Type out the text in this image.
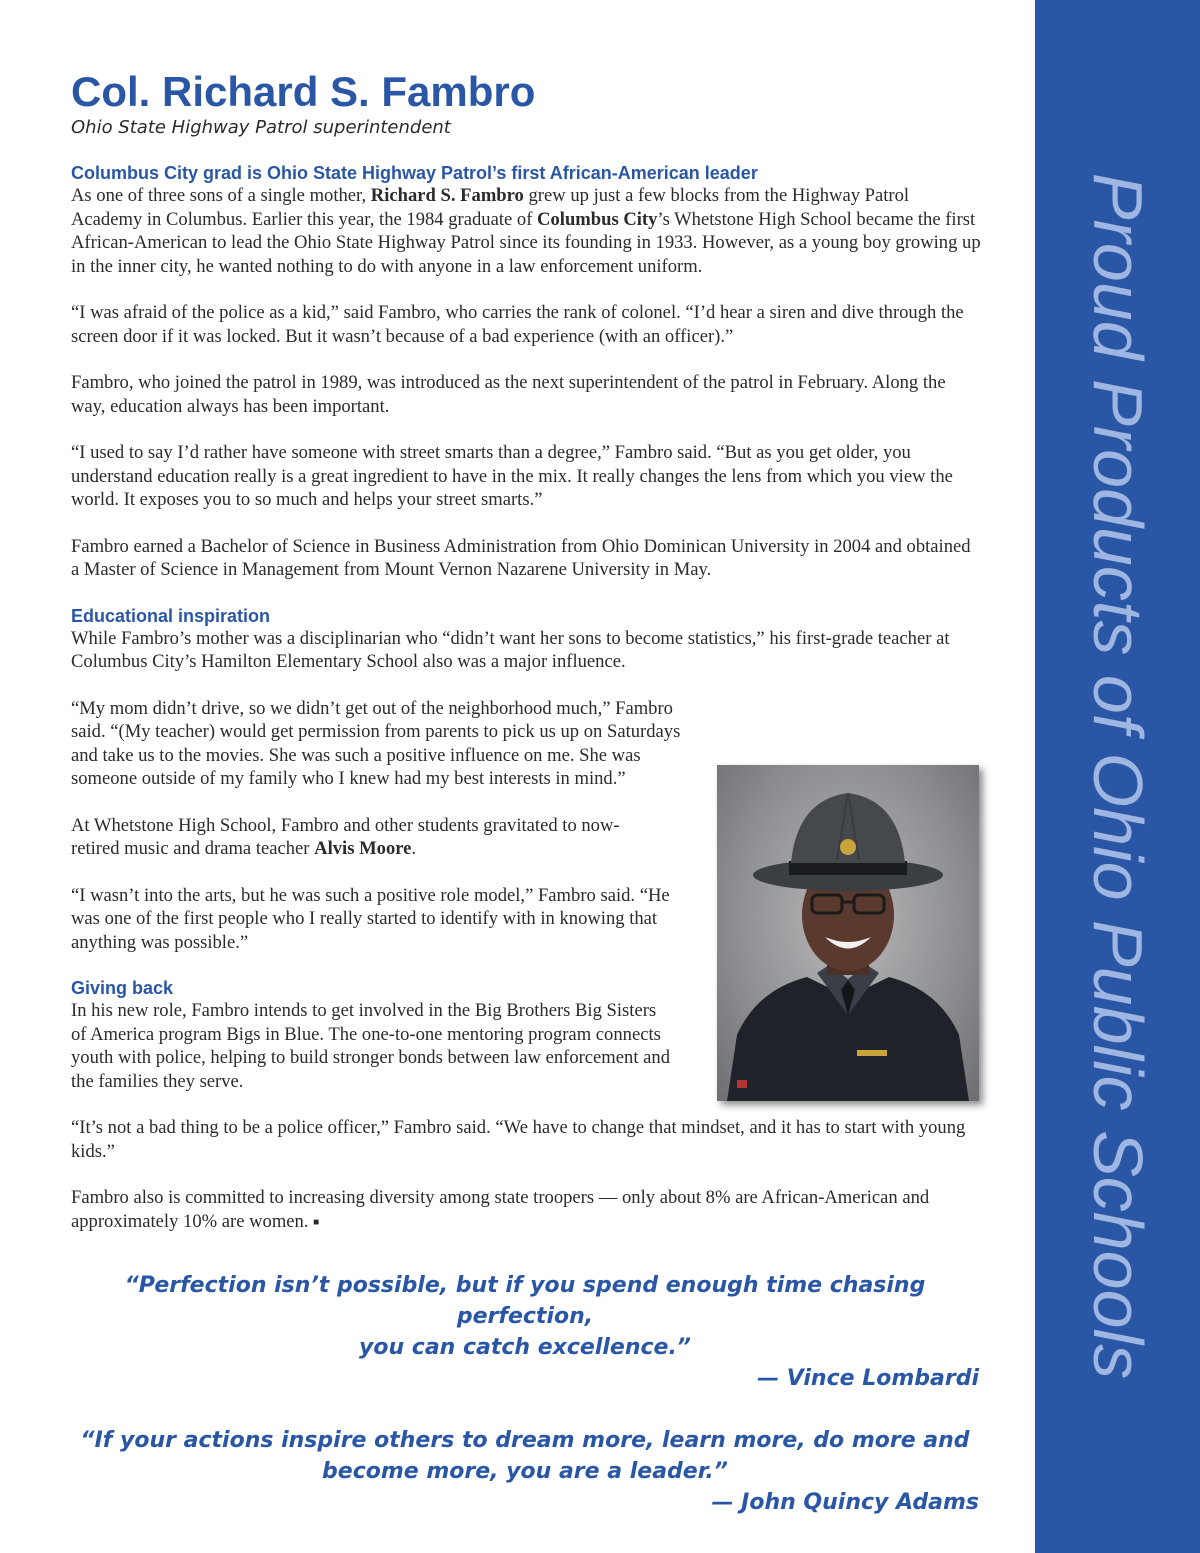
Proud Products of Ohio Public Schools
Col. Richard S. Fambro
Ohio State Highway Patrol superintendent
Columbus City grad is Ohio State Highway Patrol’s first African-American leader

As one of three sons of a single mother, Richard S. Fambro grew up just a few blocks from the Highway Patrol Academy in Columbus. Earlier this year, the 1984 graduate of Columbus City’s Whetstone High School became the first African-American to lead the Ohio State Highway Patrol since its founding in 1933. However, as a young boy growing up in the inner city, he wanted nothing to do with anyone in a law enforcement uniform.

“I was afraid of the police as a kid,” said Fambro, who carries the rank of colonel. “I’d hear a siren and dive through the screen door if it was locked. But it wasn’t because of a bad experience (with an officer).”

Fambro, who joined the patrol in 1989, was introduced as the next superintendent of the patrol in February. Along the way, education always has been important.

“I used to say I’d rather have someone with street smarts than a degree,” Fambro said. “But as you get older, you understand education really is a great ingredient to have in the mix. It really changes the lens from which you view the world. It exposes you to so much and helps your street smarts.”

Fambro earned a Bachelor of Science in Business Administration from Ohio Dominican University in 2004 and obtained a Master of Science in Management from Mount Vernon Nazarene University in May.

Educational inspiration

While Fambro’s mother was a disciplinarian who “didn’t want her sons to become statistics,” his first-grade teacher at Columbus City’s Hamilton Elementary School also was a major influence.

“My mom didn’t drive, so we didn’t get out of the neighborhood much,” Fambro said. “(My teacher) would get permission from parents to pick us up on Saturdays and take us to the movies. She was such a positive influence on me. She was someone outside of my family who I knew had my best interests in mind.”

At Whetstone High School, Fambro and other students gravitated to now-retired music and drama teacher Alvis Moore.

“I wasn’t into the arts, but he was such a positive role model,” Fambro said. “He was one of the first people who I really started to identify with in knowing that anything was possible.”

Giving back

In his new role, Fambro intends to get involved in the Big Brothers Big Sisters of America program Bigs in Blue. The one-to-one mentoring program connects youth with police, helping to build stronger bonds between law enforcement and the families they serve.

“It’s not a bad thing to be a police officer,” Fambro said. “We have to change that mindset, and it has to start with young kids.”

Fambro also is committed to increasing diversity among state troopers — only about 8% are African-American and approximately 10% are women. ■

“Perfection isn’t possible, but if you spend enough time chasing perfection,
you can catch excellence.”
— Vince Lombardi
“If your actions inspire others to dream more, learn more, do more and
become more, you are a leader.”
— John Quincy Adams
